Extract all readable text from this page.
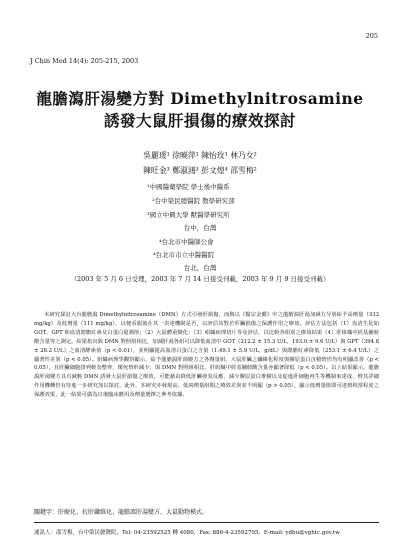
205
J Chin Med 14(4): 205-215, 2003
龍膽瀉肝湯變方對 Dimethylnitrosamine
誘發大鼠肝損傷的療效探討
吳麗瑗¹ 徐曉萍¹ 陳怡玫¹ 林乃女²
陳旺金³ 鄭淑鴻³ 彭文煌⁴ 邵雪梅²
¹中國醫藥學院 學士後中醫系
²台中榮民總醫院 教學研究部
³國立中興大學 獸醫學研究所
台中，台灣
⁴台北市中醫師公會
⁴台北市市立中醫醫院
台北，台灣
（2003 年 5 月 6 日受理，2003 年 7 月 14 日接受刊載，2003 年 9 月 9 日接受刊載）
本研究探討大台龍膽瀉 Dimethylnitrosamine（DMN）方式引發肝損傷，而與以《醫宗金鑑》中之龍膽瀉肝湯加減方分別給予高劑量（333 mg/kg）及低劑量（111 mg/kg），以便看服後在其一表達機制是否，以評估其對於肝臟損傷之保護作用之療效。評估方法包括（1）血清生化如 GOT、GPT 和血清總膽紅素及白蛋白量測值；（2）大鼠體重變化；（3）組織病理切片等及評估，以比較各組別之療效結果（4）肝組織中經基脯胺酸含量等之測定。結果指出與 DMN 對照組相比，加減肝湯各組可以降低血清中 GOT（212.2 ± 15.3 U/L，193.0 ± 9.6 U/L）與 GPT（394.8 ± 28.2 U/L）之血清酵素值（p < 0.01），並明顯提高血清白蛋白之含量（1.49.1 ± 5.9 U/L，g/dL）與總膽紅素降低（253.1 ± 6.4 U/L）之顯著性差異（p < 0.05）。組織病理學觀察顯示，給予龍膽瀉肝湯變方之各劑量組，大鼠肝臟之纖維化程度與膠原蛋白沉積情形均有明顯改善（p < 0.05），且肝臟細胞排列較為整齊，壞死情形減少；與 DMN 對照組相比，肝組織中經基脯胺酸含量亦顯著降低（p < 0.05）。以上結果顯示，龍膽瀉肝湯變方具有減輕 DMN 誘發大鼠肝損傷之療效，可能藉由降低肝臟發炎反應、減少膠原蛋白堆積以及促進肝細胞再生等機制來達成，惟其詳細作用機轉仍有待進一步研究加以探討。此外，本研究亦發現高、低兩劑量組間之療效差異並不明顯（p > 0.05），顯示低劑量組即可達到相當程度之保護效果，此一結果可做為日後臨床應用及劑量選擇之參考依據。
關鍵字：肝硬化、抗肝纖維化、龍膽瀉肝湯變方、大鼠動物模式。
通訊人：邵雪梅，台中榮民總醫院，Tel: 04-23592525 轉 4080，Fax: 886-4-23592705，E-mail: ydhu@vghtc.gov.tw
